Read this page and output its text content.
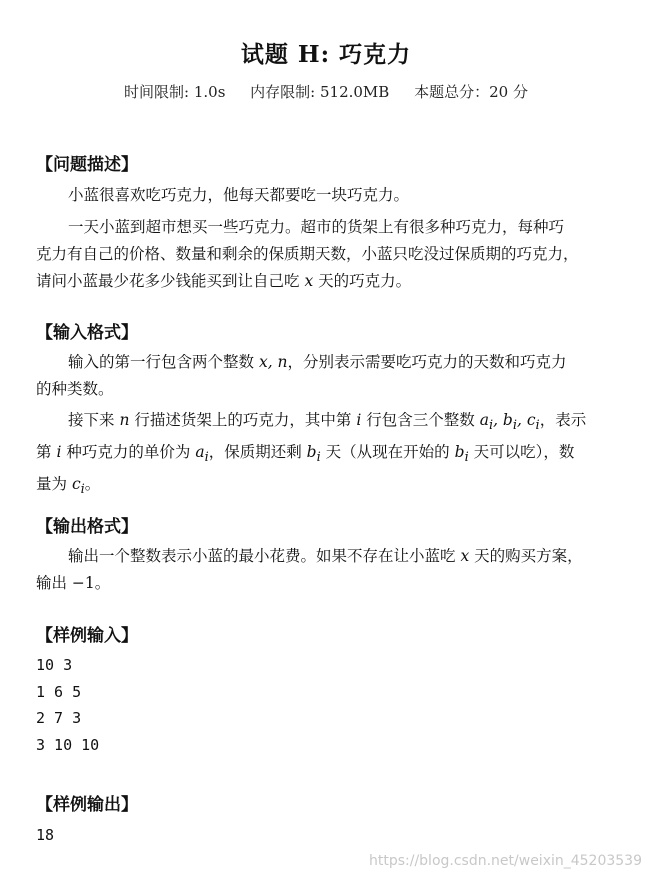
试题 H: 巧克力
时间限制: 1.0s 内存限制: 512.0MB 本题总分：20 分
【问题描述】
小蓝很喜欢吃巧克力，他每天都要吃一块巧克力。
一天小蓝到超市想买一些巧克力。超市的货架上有很多种巧克力，每种巧
克力有自己的价格、数量和剩余的保质期天数，小蓝只吃没过保质期的巧克力，
请问小蓝最少花多少钱能买到让自己吃 x 天的巧克力。
【输入格式】
输入的第一行包含两个整数 x, n，分别表示需要吃巧克力的天数和巧克力
的种类数。
接下来 n 行描述货架上的巧克力，其中第 i 行包含三个整数 $a_i$, $b_i$, $c_i$，表示
第 i 种巧克力的单价为 $a_i$，保质期还剩 $b_i$ 天（从现在开始的 $b_i$ 天可以吃），数
量为 $c_i$。
【输出格式】
输出一个整数表示小蓝的最小花费。如果不存在让小蓝吃 x 天的购买方案，
输出 −1。
【样例输入】
10 3
1 6 5
2 7 3
3 10 10
【样例输出】
18
https://blog.csdn.net/weixin_45203539
